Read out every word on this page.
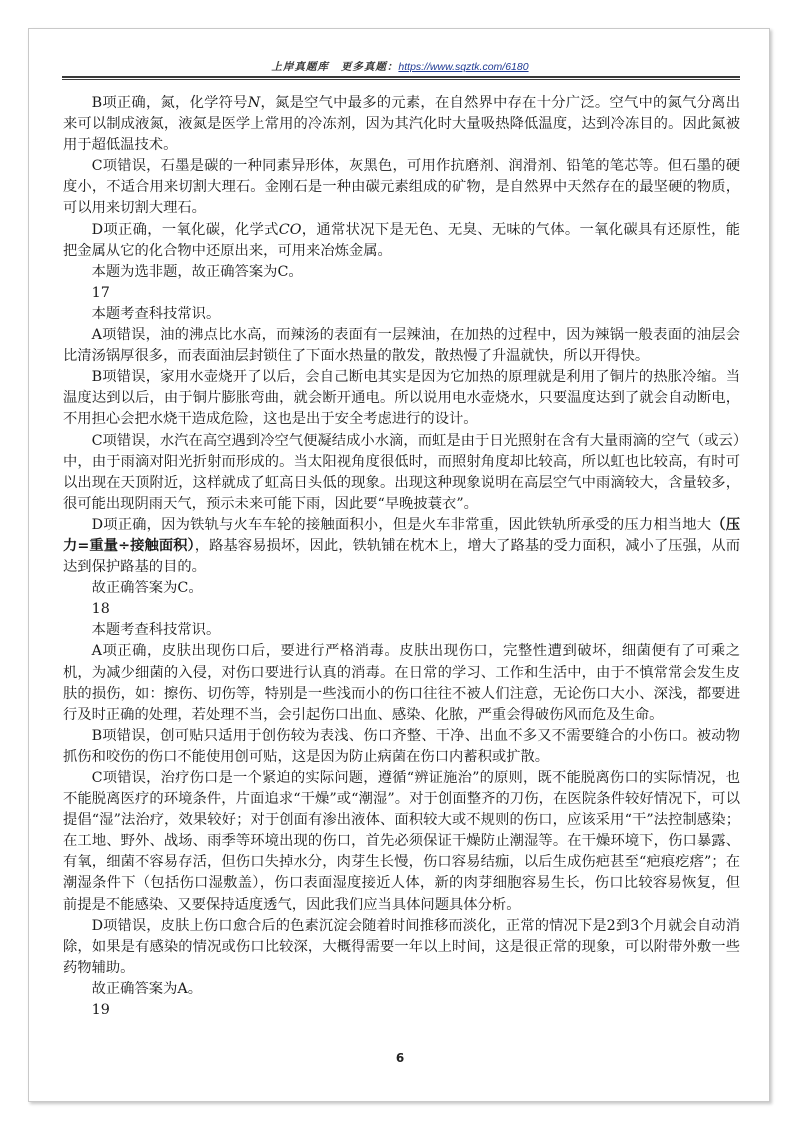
上岸真题库 更多真题：https://www.sqztk.com/6180

B项正确，氮，化学符号N，氮是空气中最多的元素，在自然界中存在十分广泛。空气中的氮气分离出来可以制成液氮，液氮是医学上常用的冷冻剂，因为其汽化时大量吸热降低温度，达到冷冻目的。因此氮被用于超低温技术。

C项错误，石墨是碳的一种同素异形体，灰黑色，可用作抗磨剂、润滑剂、铅笔的笔芯等。但石墨的硬度小，不适合用来切割大理石。金刚石是一种由碳元素组成的矿物，是自然界中天然存在的最坚硬的物质，可以用来切割大理石。

D项正确，一氧化碳，化学式CO，通常状况下是无色、无臭、无味的气体。一氧化碳具有还原性，能把金属从它的化合物中还原出来，可用来冶炼金属。

本题为选非题，故正确答案为C。

17

本题考查科技常识。

A项错误，油的沸点比水高，而辣汤的表面有一层辣油，在加热的过程中，因为辣锅一般表面的油层会比清汤锅厚很多，而表面油层封锁住了下面水热量的散发，散热慢了升温就快，所以开得快。

B项错误，家用水壶烧开了以后，会自己断电其实是因为它加热的原理就是利用了铜片的热胀冷缩。当温度达到以后，由于铜片膨胀弯曲，就会断开通电。所以说用电水壶烧水，只要温度达到了就会自动断电，不用担心会把水烧干造成危险，这也是出于安全考虑进行的设计。

C项错误，水汽在高空遇到冷空气便凝结成小水滴，而虹是由于日光照射在含有大量雨滴的空气（或云）中，由于雨滴对阳光折射而形成的。当太阳视角度很低时，而照射角度却比较高，所以虹也比较高，有时可以出现在天顶附近，这样就成了虹高日头低的现象。出现这种现象说明在高层空气中雨滴较大，含量较多，很可能出现阴雨天气，预示未来可能下雨，因此要“早晚披蓑衣”。

D项正确，因为铁轨与火车车轮的接触面积小，但是火车非常重，因此铁轨所承受的压力相当地大（压力=重量÷接触面积），路基容易损坏，因此，铁轨铺在枕木上，增大了路基的受力面积，减小了压强，从而达到保护路基的目的。

故正确答案为C。

18

本题考查科技常识。

A项正确，皮肤出现伤口后，要进行严格消毒。皮肤出现伤口，完整性遭到破坏，细菌便有了可乘之机，为减少细菌的入侵，对伤口要进行认真的消毒。在日常的学习、工作和生活中，由于不慎常常会发生皮肤的损伤，如：擦伤、切伤等，特别是一些浅而小的伤口往往不被人们注意，无论伤口大小、深浅，都要进行及时正确的处理，若处理不当，会引起伤口出血、感染、化脓，严重会得破伤风而危及生命。

B项错误，创可贴只适用于创伤较为表浅、伤口齐整、干净、出血不多又不需要缝合的小伤口。被动物抓伤和咬伤的伤口不能使用创可贴，这是因为防止病菌在伤口内蓄积或扩散。

C项错误，治疗伤口是一个紧迫的实际问题，遵循“辨证施治”的原则，既不能脱离伤口的实际情况，也不能脱离医疗的环境条件，片面追求“干燥”或“潮湿”。对于创面整齐的刀伤，在医院条件较好情况下，可以提倡“湿”法治疗，效果较好；对于创面有渗出液体、面积较大或不规则的伤口，应该采用“干”法控制感染；在工地、野外、战场、雨季等环境出现的伤口，首先必须保证干燥防止潮湿等。在干燥环境下，伤口暴露、有氧，细菌不容易存活，但伤口失掉水分，肉芽生长慢，伤口容易结痂，以后生成伤疤甚至“疤痕疙瘩”；在潮湿条件下（包括伤口湿敷盖），伤口表面湿度接近人体，新的肉芽细胞容易生长，伤口比较容易恢复，但前提是不能感染、又要保持适度透气，因此我们应当具体问题具体分析。

D项错误，皮肤上伤口愈合后的色素沉淀会随着时间推移而淡化，正常的情况下是2到3个月就会自动消除，如果是有感染的情况或伤口比较深，大概得需要一年以上时间，这是很正常的现象，可以附带外敷一些药物辅助。

故正确答案为A。

19

6
